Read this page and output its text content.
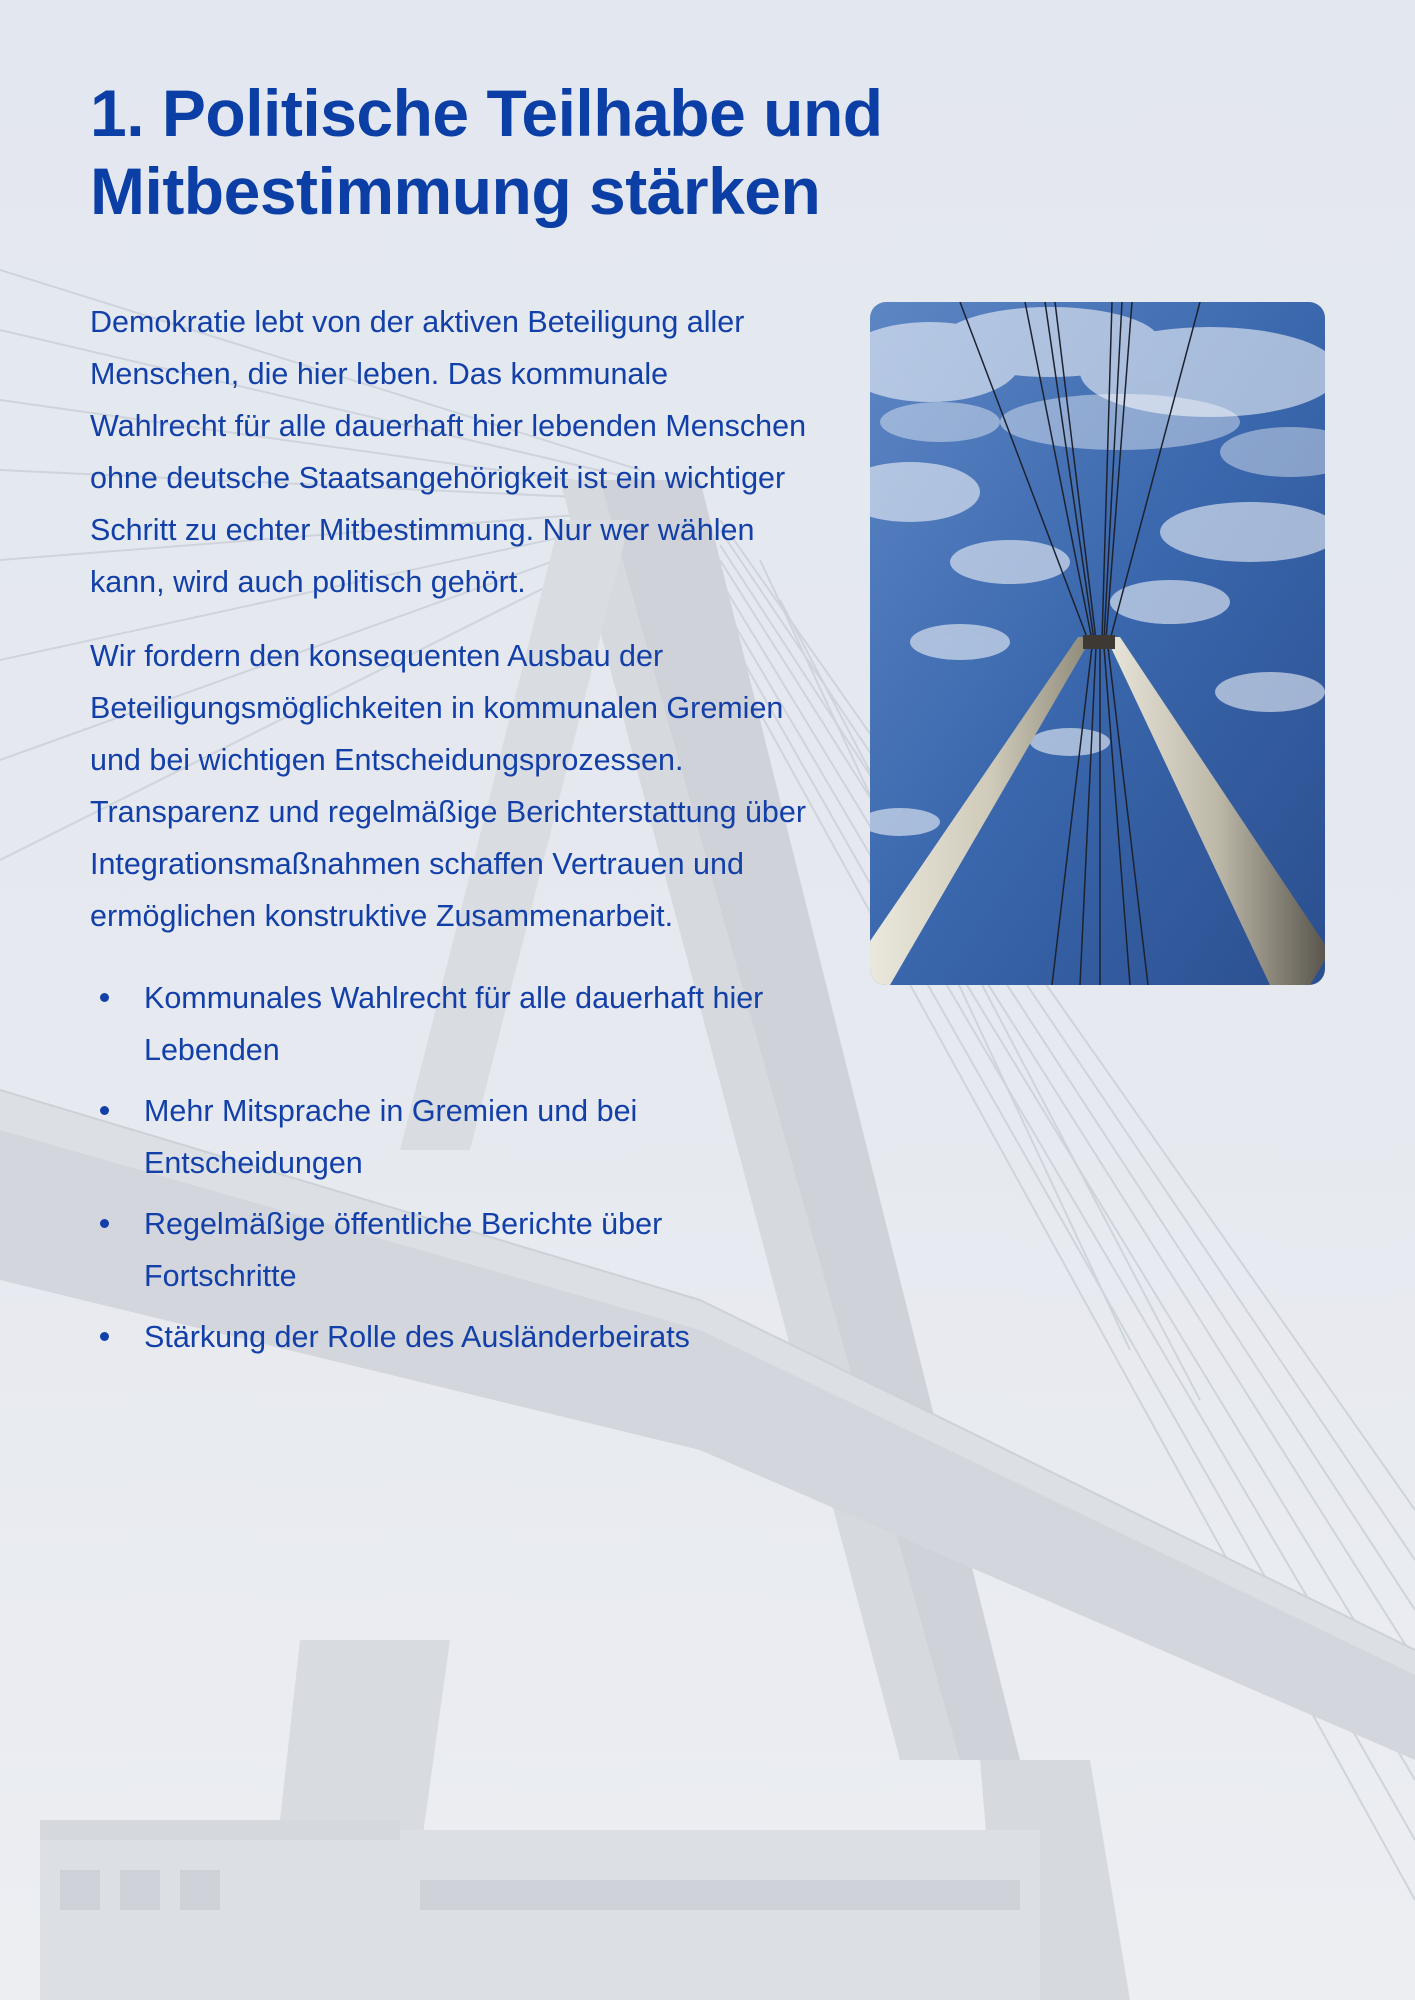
1. Politische Teilhabe und Mitbestimmung stärken

Demokratie lebt von der aktiven Beteiligung aller Menschen, die hier leben. Das kommunale Wahlrecht für alle dauerhaft hier lebenden Menschen ohne deutsche Staatsangehörigkeit ist ein wichtiger Schritt zu echter Mitbestimmung. Nur wer wählen kann, wird auch politisch gehört.

Wir fordern den konsequenten Ausbau der Beteiligungsmöglichkeiten in kommunalen Gremien und bei wichtigen Entscheidungsprozessen. Transparenz und regelmäßige Berichterstattung über Integrationsmaßnahmen schaffen Vertrauen und ermöglichen konstruktive Zusammenarbeit.

Kommunales Wahlrecht für alle dauerhaft hier Lebenden
Mehr Mitsprache in Gremien und bei Entscheidungen
Regelmäßige öffentliche Berichte über Fortschritte
Stärkung der Rolle des Ausländerbeirats
